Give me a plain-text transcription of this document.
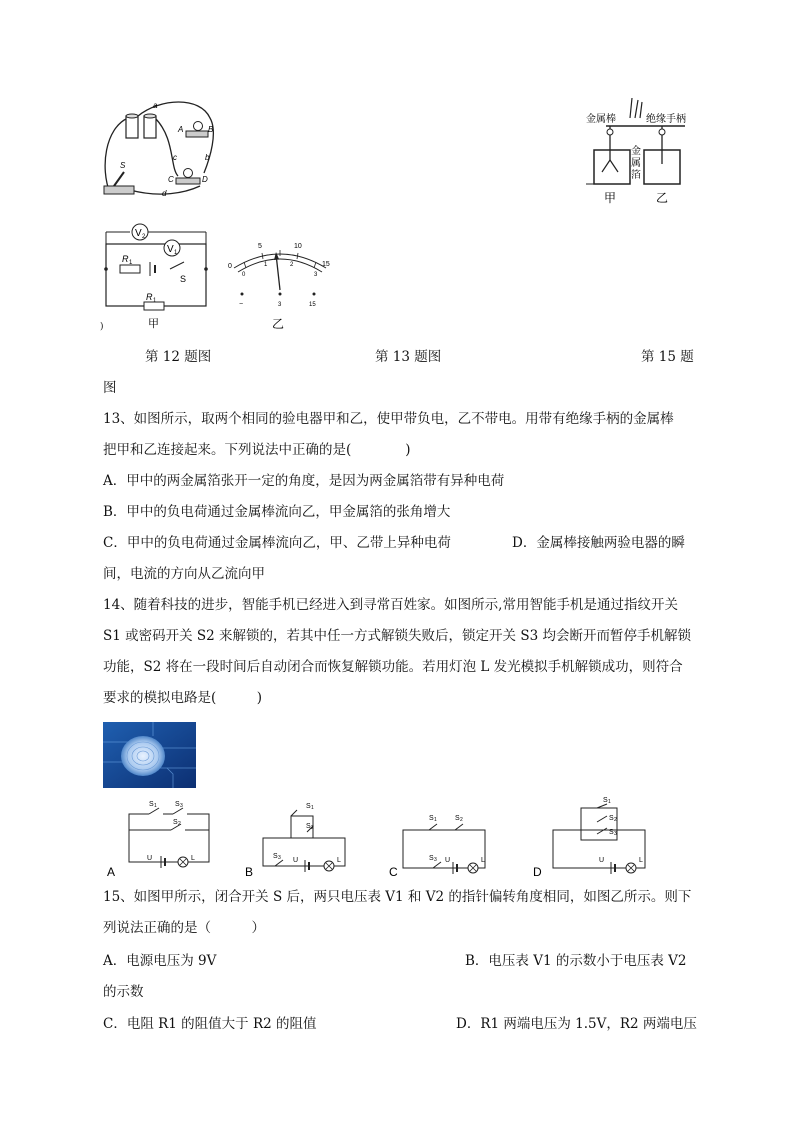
a
b
c
d
A	B
C	D
S
金属棒	绝缘手柄
金
属
箔
甲	乙
V 2
V 1
R 1
R 1
S
甲
)
0
5	10
15
0
1	2
3
−	3	15
乙
第 12 题图	第 13 题图	第 15 题
图
13、如图所示，取两个相同的验电器甲和乙，使甲带负电，乙不带电。用带有绝缘手柄的金属棒
把甲和乙连接起来。下列说法中正确的是(　　　　)
A．甲中的两金属箔张开一定的角度，是因为两金属箔带有异种电荷
B．甲中的负电荷通过金属棒流向乙，甲金属箔的张角增大
C．甲中的负电荷通过金属棒流向乙，甲、乙带上异种电荷	D．金属棒接触两验电器的瞬
间，电流的方向从乙流向甲
14、随着科技的进步，智能手机已经进入到寻常百姓家。如图所示,常用智能手机是通过指纹开关
S1 或密码开关 S2 来解锁的，若其中任一方式解锁失败后，锁定开关 S3 均会断开而暂停手机解锁
功能，S2 将在一段时间后自动闭合而恢复解锁功能。若用灯泡 L 发光模拟手机解锁成功，则符合
要求的模拟电路是(　　　)
A	B	C	D
S 1	S 3
S 2
U	L
S 1
S 2
S 3 U	L
S 1	S 2
S 3 U	L
S 1
S 2
S 3
U	L
15、如图甲所示，闭合开关 S 后，两只电压表 V1 和 V2 的指针偏转角度相同，如图乙所示。则下
列说法正确的是（　　　）
A．电源电压为 9V	B．电压表 V1 的示数小于电压表 V2
的示数
C．电阻 R1 的阻值大于 R2 的阻值	D．R1 两端电压为 1.5V，R2 两端电压
